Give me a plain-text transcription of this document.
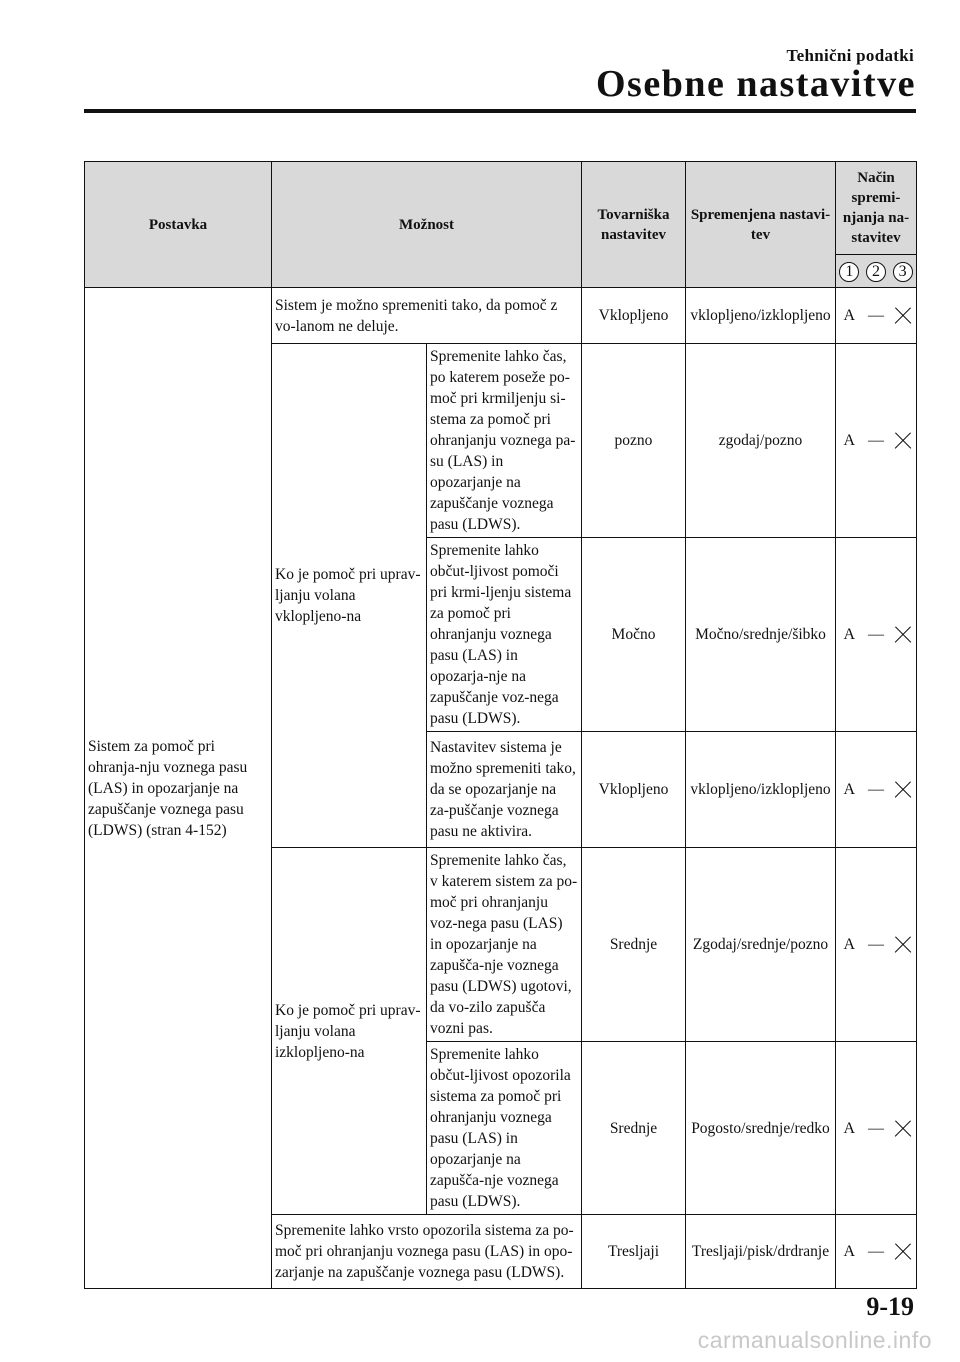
Tehnični podatki
Osebne nastavitve
Postavka	Možnost		Tovarniška nastavitev	Spremenjena nastavi-tev	Način spremi-njanja na-stavitev

					1 2 3

Sistem za pomoč pri ohranja-nju voznega pasu (LAS) in opozarjanje na zapuščanje voznega pasu (LDWS) (stran 4-152)	Sistem je možno spremeniti tako, da pomoč z vo-lanom ne deluje.		Vklopljeno	vklopljeno/izklopljeno	A —

	Ko je pomoč pri uprav-ljanju volana vklopljeno-na	Spremenite lahko čas, po katerem poseže po-moč pri krmiljenju si-stema za pomoč pri ohranjanju voznega pa-su (LAS) in opozarjanje na zapuščanje voznega pasu (LDWS).	pozno	zgodaj/pozno	A —

		Spremenite lahko občut-ljivost pomoči pri krmi-ljenju sistema za pomoč pri ohranjanju voznega pasu (LAS) in opozarja-nje na zapuščanje voz-nega pasu (LDWS).	Močno	Močno/srednje/šibko	A —

		Nastavitev sistema je možno spremeniti tako, da se opozarjanje na za-puščanje voznega pasu ne aktivira.	Vklopljeno	vklopljeno/izklopljeno	A —

	Ko je pomoč pri uprav-ljanju volana izklopljeno-na	Spremenite lahko čas, v katerem sistem za po-moč pri ohranjanju voz-nega pasu (LAS) in opozarjanje na zapušča-nje voznega pasu (LDWS) ugotovi, da vo-zilo zapušča vozni pas.	Srednje	Zgodaj/srednje/pozno	A —

		Spremenite lahko občut-ljivost opozorila sistema za pomoč pri ohranjanju voznega pasu (LAS) in opozarjanje na zapušča-nje voznega pasu (LDWS).	Srednje	Pogosto/srednje/redko	A —

	Spremenite lahko vrsto opozorila sistema za po-moč pri ohranjanju voznega pasu (LAS) in opo-zarjanje na zapuščanje voznega pasu (LDWS).		Tresljaji	Tresljaji/pisk/drdranje	A —
9-19
carmanualsonline.info
